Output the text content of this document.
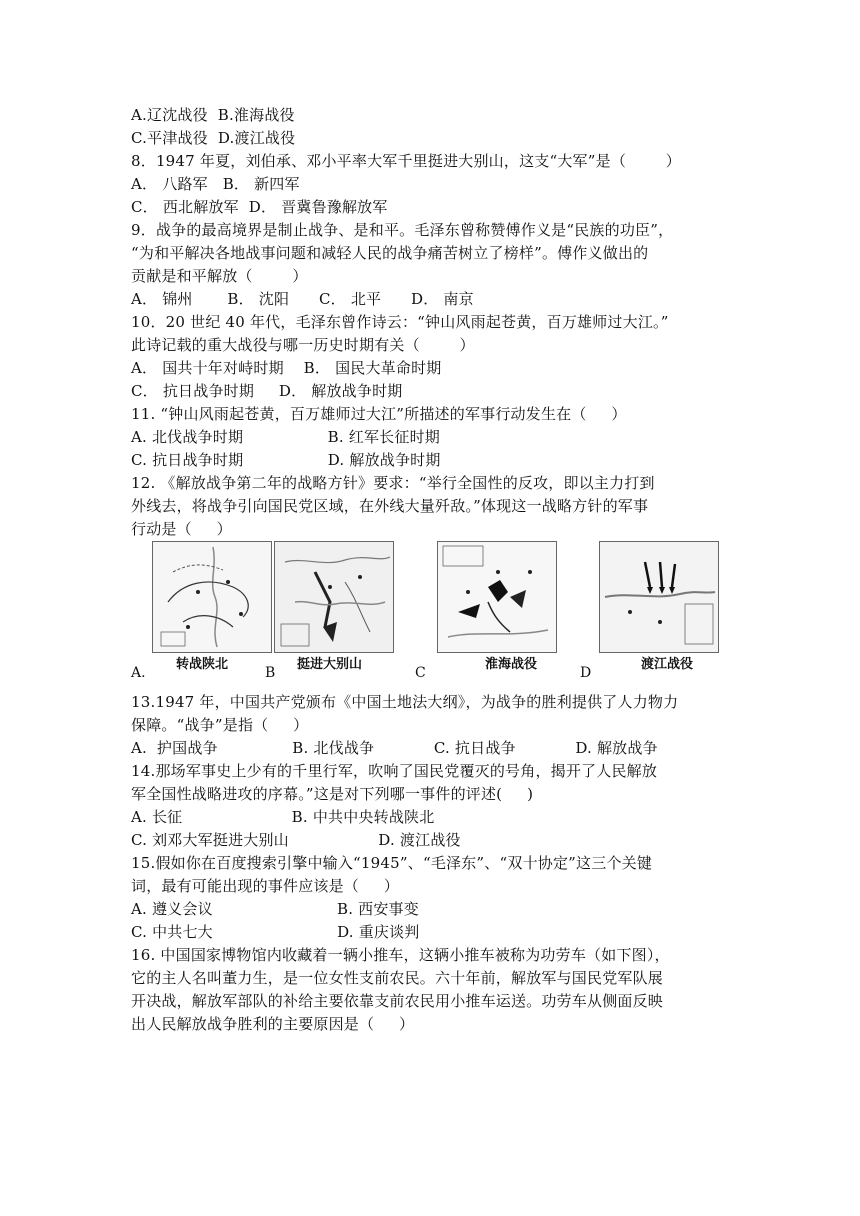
A.辽沈战役  B.淮海战役
C.平津战役  D.渡江战役
8．1947 年夏，刘伯承、邓小平率大军千里挺进大别山，这支“大军”是（        ）
A． 八路军   B． 新四军
C． 西北解放军  D． 晋冀鲁豫解放军
9．战争的最高境界是制止战争、是和平。毛泽东曾称赞傅作义是“民族的功臣”，
“为和平解决各地战事问题和减轻人民的战争痛苦树立了榜样”。傅作义做出的
贡献是和平解放（        ）
A． 锦州       B． 沈阳      C． 北平      D． 南京
10．20 世纪 40 年代，毛泽东曾作诗云：“钟山风雨起苍黄，百万雄师过大江。”
此诗记载的重大战役与哪一历史时期有关（        ）
A． 国共十年对峙时期    B． 国民大革命时期
C． 抗日战争时期     D． 解放战争时期
11. “钟山风雨起苍黄，百万雄师过大江”所描述的军事行动发生在（     ）
A. 北伐战争时期                 B. 红军长征时期
C. 抗日战争时期                 D. 解放战争时期
12. 《解放战争第二年的战略方针》要求：“举行全国性的反攻，即以主力打到
外线去，将战争引向国民党区域，在外线大量歼敌。”体现这一战略方针的军事
行动是（     ）
A.
转战陕北
B
挺进大别山
C
淮海战役
D
渡江战役
13.1947 年，中国共产党颁布《中国土地法大纲》，为战争的胜利提供了人力物力
保障。“战争”是指（     ）
A.  护国战争               B. 北伐战争            C. 抗日战争            D. 解放战争
14.那场军事史上少有的千里行军，吹响了国民党覆灭的号角，揭开了人民解放
军全国性战略进攻的序幕。”这是对下列哪一事件的评述(     )
A. 长征                      B. 中共中央转战陕北
C. 刘邓大军挺进大别山                  D. 渡江战役
15.假如你在百度搜索引擎中输入“1945”、“毛泽东”、“双十协定”这三个关键
词，最有可能出现的事件应该是（     ）
A. 遵义会议                         B. 西安事变
C. 中共七大                         D. 重庆谈判
16. 中国国家博物馆内收藏着一辆小推车，这辆小推车被称为功劳车（如下图），
它的主人名叫董力生，是一位女性支前农民。六十年前，解放军与国民党军队展
开决战，解放军部队的补给主要依靠支前农民用小推车运送。功劳车从侧面反映
出人民解放战争胜利的主要原因是（     ）
